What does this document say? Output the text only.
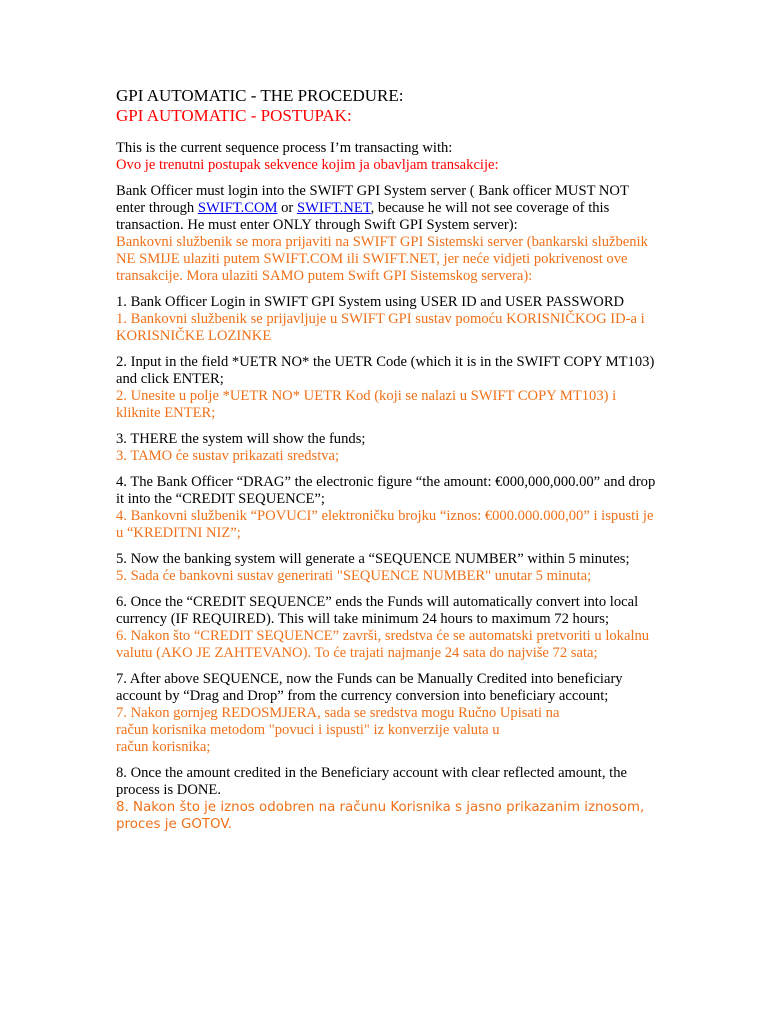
GPI AUTOMATIC - THE PROCEDURE:
GPI AUTOMATIC - POSTUPAK:
This is the current sequence process I’m transacting with:
Ovo je trenutni postupak sekvence kojim ja obavljam transakcije:
Bank Officer must login into the SWIFT GPI System server ( Bank officer MUST NOT enter through SWIFT.COM or SWIFT.NET, because he will not see coverage of this transaction. He must enter ONLY through Swift GPI System server):
Bankovni službenik se mora prijaviti na SWIFT GPI Sistemski server (bankarski službenik NE SMIJE ulaziti putem SWIFT.COM ili SWIFT.NET, jer neće vidjeti pokrivenost ove transakcije. Mora ulaziti SAMO putem Swift GPI Sistemskog servera):
1. Bank Officer Login in SWIFT GPI System using USER ID and USER PASSWORD
1. Bankovni službenik se prijavljuje u SWIFT GPI sustav pomoću KORISNIČKOG ID-a i KORISNIČKE LOZINKE
2. Input in the field *UETR NO* the UETR Code (which it is in the SWIFT COPY MT103) and click ENTER;
2. Unesite u polje *UETR NO* UETR Kod (koji se nalazi u SWIFT COPY MT103) i kliknite ENTER;
3. THERE the system will show the funds;
3. TAMO će sustav prikazati sredstva;
4. The Bank Officer “DRAG” the electronic figure “the amount: €000,000,000.00” and drop it into the “CREDIT SEQUENCE”;
4. Bankovni službenik “POVUCI” elektroničku brojku “iznos: €000.000.000,00” i ispusti je u “KREDITNI NIZ”;
5. Now the banking system will generate a “SEQUENCE NUMBER” within 5 minutes;
5. Sada će bankovni sustav generirati "SEQUENCE NUMBER" unutar 5 minuta;
6. Once the “CREDIT SEQUENCE” ends the Funds will automatically convert into local currency (IF REQUIRED). This will take minimum 24 hours to maximum 72 hours;
6. Nakon što “CREDIT SEQUENCE” završi, sredstva će se automatski pretvoriti u lokalnu valutu (AKO JE ZAHTEVANO). To će trajati najmanje 24 sata do najviše 72 sata;
7. After above SEQUENCE, now the Funds can be Manually Credited into beneficiary account by “Drag and Drop” from the currency conversion into beneficiary account;
7. Nakon gornjeg REDOSMJERA, sada se sredstva mogu Ručno Upisati na
račun korisnika metodom "povuci i ispusti" iz konverzije valuta u
račun korisnika;
8. Once the amount credited in the Beneficiary account with clear reflected amount, the process is DONE.
8. Nakon što je iznos odobren na računu Korisnika s jasno prikazanim iznosom, proces je GOTOV.
